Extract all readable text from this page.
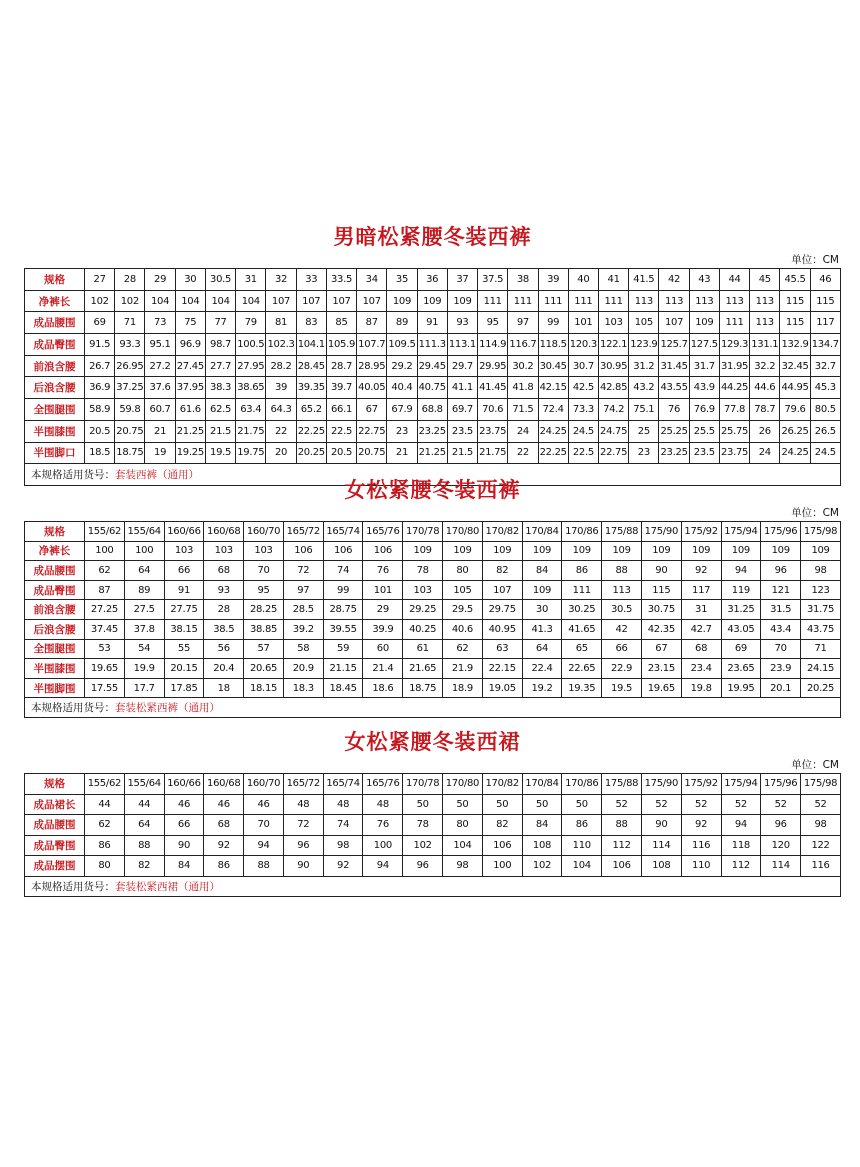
男暗松紧腰冬装西裤
单位：CM
规格	27	28	29	30	30.5	31	32	33	33.5	34	35	36	37	37.5	38	39	40	41	41.5	42	43	44	45	45.5	46
净裤长	102	102	104	104	104	104	107	107	107	107	109	109	109	111	111	111	111	111	113	113	113	113	113	115	115
成品腰围	69	71	73	75	77	79	81	83	85	87	89	91	93	95	97	99	101	103	105	107	109	111	113	115	117
成品臀围	91.5	93.3	95.1	96.9	98.7	100.5	102.3	104.1	105.9	107.7	109.5	111.3	113.1	114.9	116.7	118.5	120.3	122.1	123.9	125.7	127.5	129.3	131.1	132.9	134.7
前浪含腰	26.7	26.95	27.2	27.45	27.7	27.95	28.2	28.45	28.7	28.95	29.2	29.45	29.7	29.95	30.2	30.45	30.7	30.95	31.2	31.45	31.7	31.95	32.2	32.45	32.7
后浪含腰	36.9	37.25	37.6	37.95	38.3	38.65	39	39.35	39.7	40.05	40.4	40.75	41.1	41.45	41.8	42.15	42.5	42.85	43.2	43.55	43.9	44.25	44.6	44.95	45.3
全围腿围	58.9	59.8	60.7	61.6	62.5	63.4	64.3	65.2	66.1	67	67.9	68.8	69.7	70.6	71.5	72.4	73.3	74.2	75.1	76	76.9	77.8	78.7	79.6	80.5
半围膝围	20.5	20.75	21	21.25	21.5	21.75	22	22.25	22.5	22.75	23	23.25	23.5	23.75	24	24.25	24.5	24.75	25	25.25	25.5	25.75	26	26.25	26.5
半围脚口	18.5	18.75	19	19.25	19.5	19.75	20	20.25	20.5	20.75	21	21.25	21.5	21.75	22	22.25	22.5	22.75	23	23.25	23.5	23.75	24	24.25	24.5
本规格适用货号：套装西裤（通用）																									
女松紧腰冬装西裤
单位：CM
规格	155/62	155/64	160/66	160/68	160/70	165/72	165/74	165/76	170/78	170/80	170/82	170/84	170/86	175/88	175/90	175/92	175/94	175/96	175/98
净裤长	100	100	103	103	103	106	106	106	109	109	109	109	109	109	109	109	109	109	109
成品腰围	62	64	66	68	70	72	74	76	78	80	82	84	86	88	90	92	94	96	98
成品臀围	87	89	91	93	95	97	99	101	103	105	107	109	111	113	115	117	119	121	123
前浪含腰	27.25	27.5	27.75	28	28.25	28.5	28.75	29	29.25	29.5	29.75	30	30.25	30.5	30.75	31	31.25	31.5	31.75
后浪含腰	37.45	37.8	38.15	38.5	38.85	39.2	39.55	39.9	40.25	40.6	40.95	41.3	41.65	42	42.35	42.7	43.05	43.4	43.75
全围腿围	53	54	55	56	57	58	59	60	61	62	63	64	65	66	67	68	69	70	71
半围膝围	19.65	19.9	20.15	20.4	20.65	20.9	21.15	21.4	21.65	21.9	22.15	22.4	22.65	22.9	23.15	23.4	23.65	23.9	24.15
半围脚围	17.55	17.7	17.85	18	18.15	18.3	18.45	18.6	18.75	18.9	19.05	19.2	19.35	19.5	19.65	19.8	19.95	20.1	20.25
本规格适用货号：套装松紧西裤（通用）																			
女松紧腰冬装西裙
单位：CM
规格	155/62	155/64	160/66	160/68	160/70	165/72	165/74	165/76	170/78	170/80	170/82	170/84	170/86	175/88	175/90	175/92	175/94	175/96	175/98
成品裙长	44	44	46	46	46	48	48	48	50	50	50	50	50	52	52	52	52	52	52
成品腰围	62	64	66	68	70	72	74	76	78	80	82	84	86	88	90	92	94	96	98
成品臀围	86	88	90	92	94	96	98	100	102	104	106	108	110	112	114	116	118	120	122
成品摆围	80	82	84	86	88	90	92	94	96	98	100	102	104	106	108	110	112	114	116
本规格适用货号：套装松紧西裙（通用）																			
